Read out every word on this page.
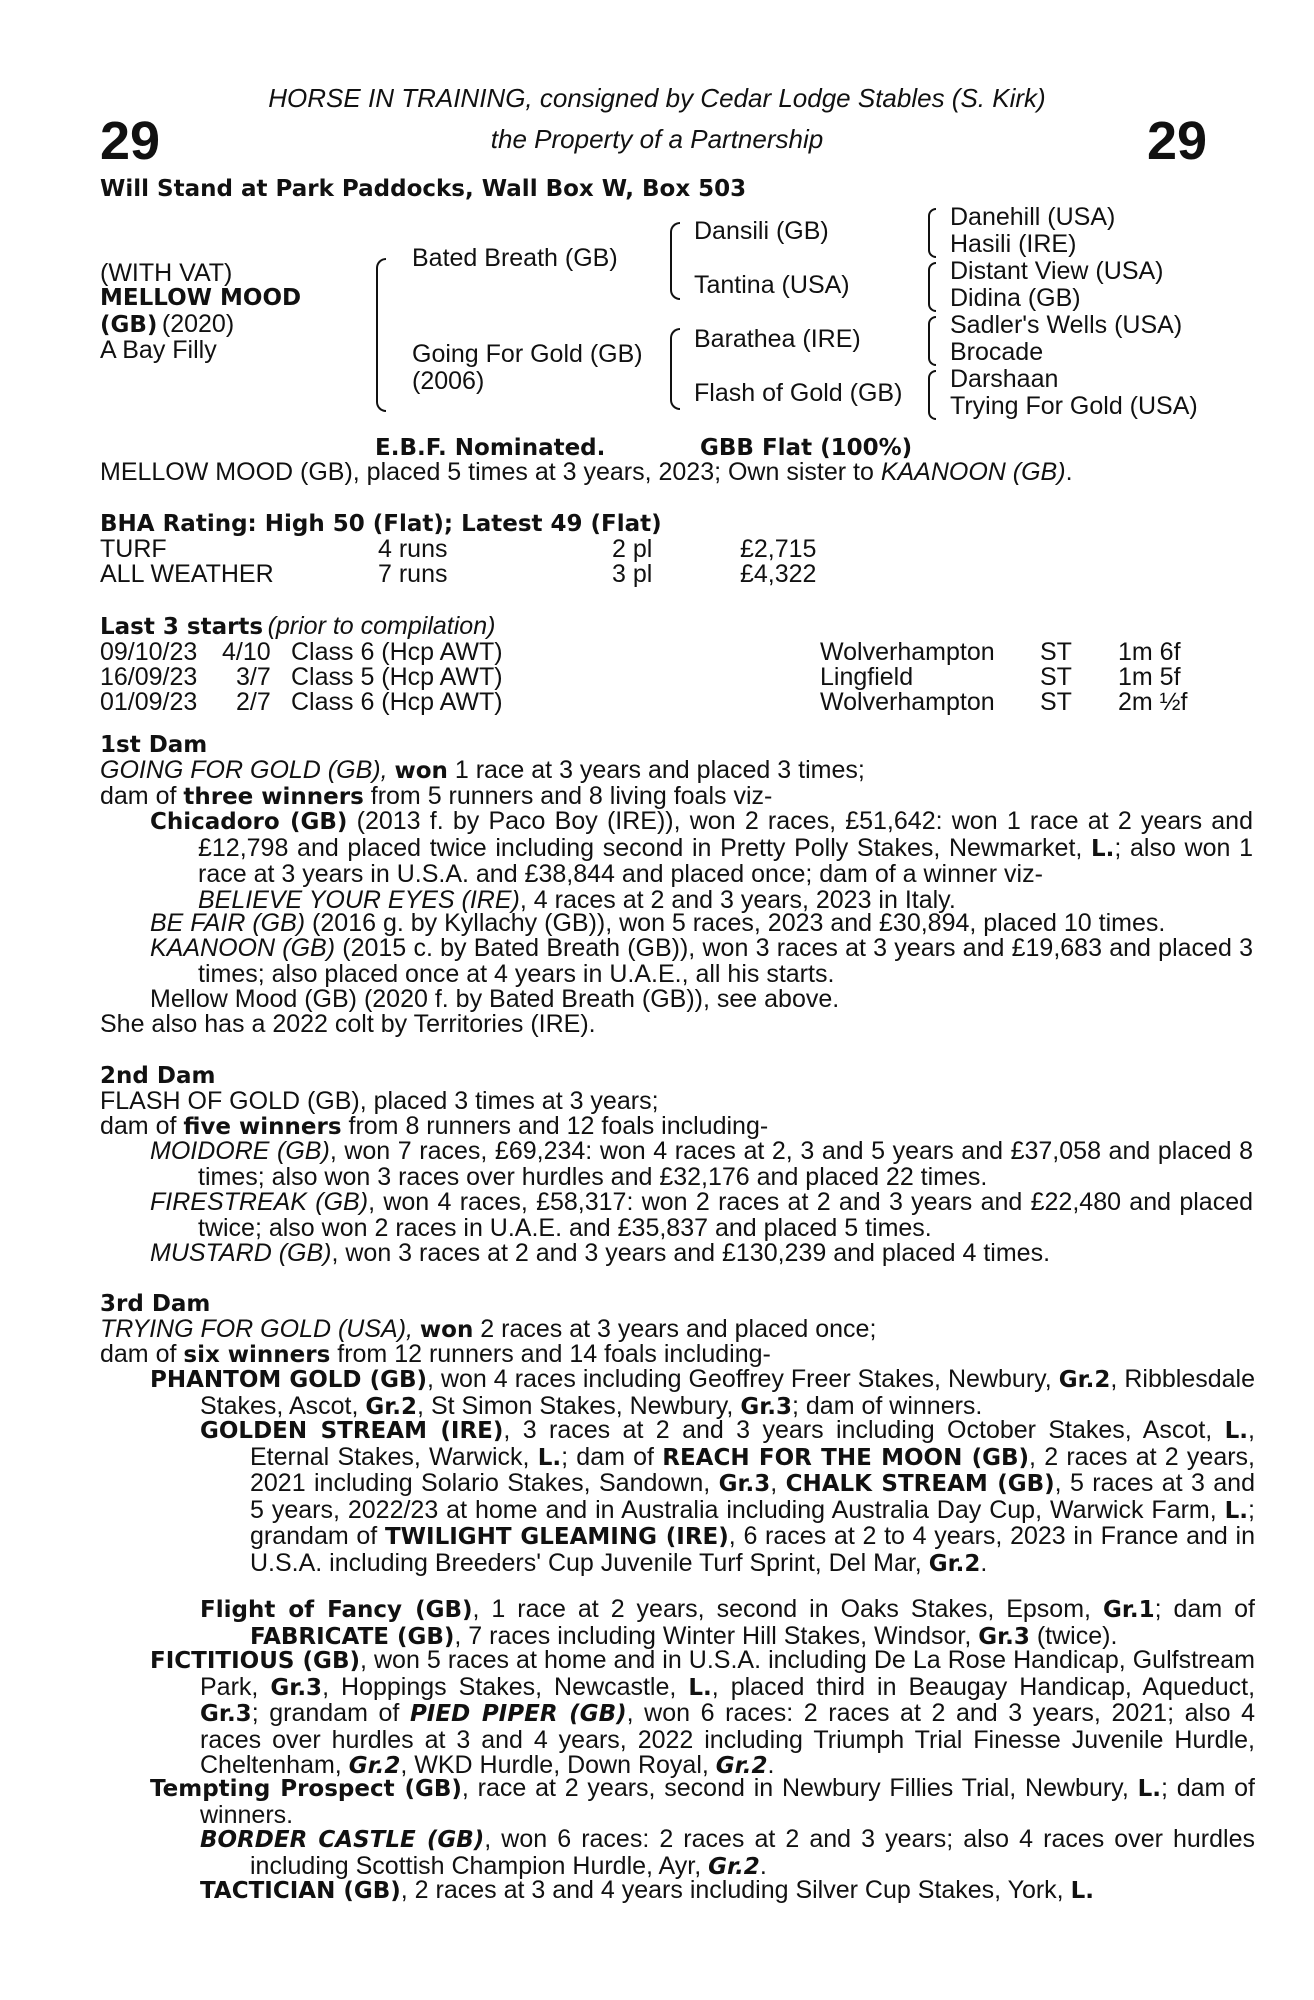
29	29
HORSE IN TRAINING, consigned by Cedar Lodge Stables (S. Kirk)
the Property of a Partnership
Will Stand at Park Paddocks, Wall Box W, Box 503
(WITH VAT)
MELLOW MOOD
(GB) (2020)
A Bay Filly
Bated Breath (GB)
Going For Gold (GB)
(2006)
Dansili (GB)
Tantina (USA)
Barathea (IRE)
Flash of Gold (GB)
Danehill (USA)
Hasili (IRE)
Distant View (USA)
Didina (GB)
Sadler's Wells (USA)
Brocade
Darshaan
Trying For Gold (USA)
E.B.F. Nominated.	GBB Flat (100%)
MELLOW MOOD (GB), placed 5 times at 3 years, 2023; Own sister to KAANOON (GB).
BHA Rating: High 50 (Flat); Latest 49 (Flat)
TURF	4 runs	2 pl	£2,715
ALL WEATHER	7 runs	3 pl	£4,322
Last 3 starts (prior to compilation)
09/10/23 4/10 Class 6 (Hcp AWT)	Wolverhampton ST 1m 6f
16/09/23 3/7 Class 5 (Hcp AWT)	Lingfield	ST 1m 5f
01/09/23 2/7 Class 6 (Hcp AWT)	Wolverhampton ST 2m ½f
1st Dam
GOING FOR GOLD (GB), won 1 race at 3 years and placed 3 times;
dam of three winners from 5 runners and 8 living foals viz-
Chicadoro (GB) (2013 f. by Paco Boy (IRE)), won 2 races, £51,642: won 1 race at 2 years and £12,798 and placed twice including second in Pretty Polly Stakes, Newmarket, L.; also won 1 race at 3 years in U.S.A. and £38,844 and placed once; dam of a winner viz-
BELIEVE YOUR EYES (IRE), 4 races at 2 and 3 years, 2023 in Italy.
BE FAIR (GB) (2016 g. by Kyllachy (GB)), won 5 races, 2023 and £30,894, placed 10 times.
KAANOON (GB) (2015 c. by Bated Breath (GB)), won 3 races at 3 years and £19,683 and placed 3 times; also placed once at 4 years in U.A.E., all his starts.
Mellow Mood (GB) (2020 f. by Bated Breath (GB)), see above.
She also has a 2022 colt by Territories (IRE).
2nd Dam
FLASH OF GOLD (GB), placed 3 times at 3 years;
dam of five winners from 8 runners and 12 foals including-
MOIDORE (GB), won 7 races, £69,234: won 4 races at 2, 3 and 5 years and £37,058 and placed 8 times; also won 3 races over hurdles and £32,176 and placed 22 times.
FIRESTREAK (GB), won 4 races, £58,317: won 2 races at 2 and 3 years and £22,480 and placed twice; also won 2 races in U.A.E. and £35,837 and placed 5 times.
MUSTARD (GB), won 3 races at 2 and 3 years and £130,239 and placed 4 times.
3rd Dam
TRYING FOR GOLD (USA), won 2 races at 3 years and placed once;
dam of six winners from 12 runners and 14 foals including-
PHANTOM GOLD (GB), won 4 races including Geoffrey Freer Stakes, Newbury, Gr.2, Ribblesdale Stakes, Ascot, Gr.2, St Simon Stakes, Newbury, Gr.3; dam of winners.
GOLDEN STREAM (IRE), 3 races at 2 and 3 years including October Stakes, Ascot, L., Eternal Stakes, Warwick, L.; dam of REACH FOR THE MOON (GB), 2 races at 2 years, 2021 including Solario Stakes, Sandown, Gr.3, CHALK STREAM (GB), 5 races at 3 and 5 years, 2022/23 at home and in Australia including Australia Day Cup, Warwick Farm, L.; grandam of TWILIGHT GLEAMING (IRE), 6 races at 2 to 4 years, 2023 in France and in U.S.A. including Breeders' Cup Juvenile Turf Sprint, Del Mar, Gr.2.
Flight of Fancy (GB), 1 race at 2 years, second in Oaks Stakes, Epsom, Gr.1; dam of FABRICATE (GB), 7 races including Winter Hill Stakes, Windsor, Gr.3 (twice).
FICTITIOUS (GB), won 5 races at home and in U.S.A. including De La Rose Handicap, Gulfstream Park, Gr.3, Hoppings Stakes, Newcastle, L., placed third in Beaugay Handicap, Aqueduct, Gr.3; grandam of PIED PIPER (GB), won 6 races: 2 races at 2 and 3 years, 2021; also 4 races over hurdles at 3 and 4 years, 2022 including Triumph Trial Finesse Juvenile Hurdle, Cheltenham, Gr.2, WKD Hurdle, Down Royal, Gr.2.
Tempting Prospect (GB), race at 2 years, second in Newbury Fillies Trial, Newbury, L.; dam of winners.
BORDER CASTLE (GB), won 6 races: 2 races at 2 and 3 years; also 4 races over hurdles including Scottish Champion Hurdle, Ayr, Gr.2.
TACTICIAN (GB), 2 races at 3 and 4 years including Silver Cup Stakes, York, L.
